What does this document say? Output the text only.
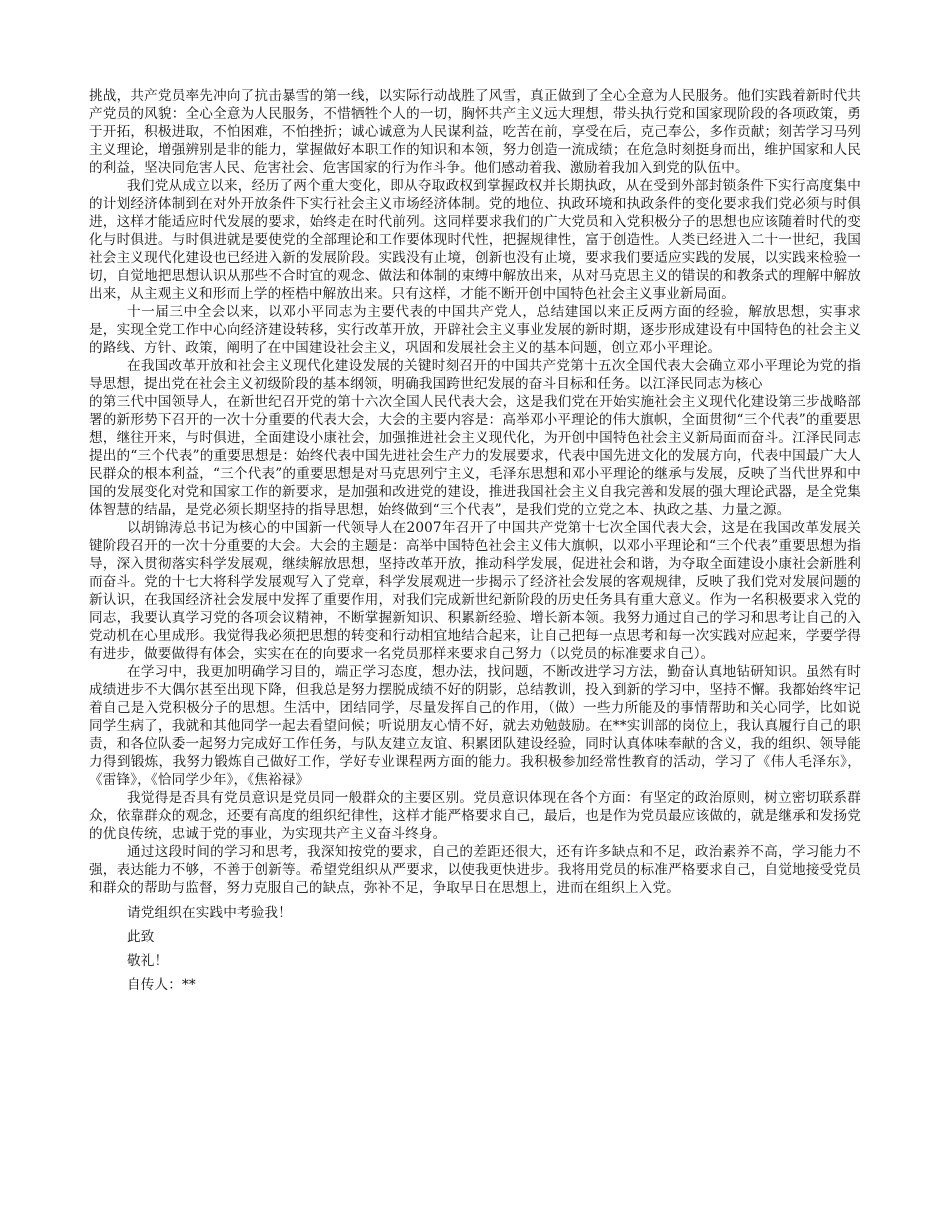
挑战，共产党员率先冲向了抗击暴雪的第一线，以实际行动战胜了风雪，真正做到了全心全意为人民服务。他们实践着新时代共产党员的风貌：全心全意为人民服务，不惜牺牲个人的一切，胸怀共产主义远大理想，带头执行党和国家现阶段的各项政策，勇于开拓，积极进取，不怕困难，不怕挫折；诚心诚意为人民谋利益，吃苦在前，享受在后，克己奉公，多作贡献；刻苦学习马列主义理论，增强辨别是非的能力，掌握做好本职工作的知识和本领，努力创造一流成绩；在危急时刻挺身而出，维护国家和人民的利益，坚决同危害人民、危害社会、危害国家的行为作斗争。他们感动着我、激励着我加入到党的队伍中。

我们党从成立以来，经历了两个重大变化，即从夺取政权到掌握政权并长期执政，从在受到外部封锁条件下实行高度集中的计划经济体制到在对外开放条件下实行社会主义市场经济体制。党的地位、执政环境和执政条件的变化要求我们党必须与时俱进，这样才能适应时代发展的要求，始终走在时代前列。这同样要求我们的广大党员和入党积极分子的思想也应该随着时代的变化与时俱进。与时俱进就是要使党的全部理论和工作要体现时代性，把握规律性，富于创造性。人类已经进入二十一世纪，我国社会主义现代化建设也已经进入新的发展阶段。实践没有止境，创新也没有止境，要求我们要适应实践的发展，以实践来检验一切，自觉地把思想认识从那些不合时宜的观念、做法和体制的束缚中解放出来，从对马克思主义的错误的和教条式的理解中解放出来，从主观主义和形而上学的桎梏中解放出来。只有这样，才能不断开创中国特色社会主义事业新局面。

十一届三中全会以来，以邓小平同志为主要代表的中国共产党人，总结建国以来正反两方面的经验，解放思想，实事求是，实现全党工作中心向经济建设转移，实行改革开放，开辟社会主义事业发展的新时期，逐步形成建设有中国特色的社会主义的路线、方针、政策，阐明了在中国建设社会主义，巩固和发展社会主义的基本问题，创立邓小平理论。

在我国改革开放和社会主义现代化建设发展的关键时刻召开的中国共产党第十五次全国代表大会确立邓小平理论为党的指导思想，提出党在社会主义初级阶段的基本纲领，明确我国跨世纪发展的奋斗目标和任务。以江泽民同志为核心

的第三代中国领导人，在新世纪召开党的第十六次全国人民代表大会，这是我们党在开始实施社会主义现代化建设第三步战略部署的新形势下召开的一次十分重要的代表大会，大会的主要内容是：高举邓小平理论的伟大旗帜，全面贯彻“三个代表”的重要思想，继往开来，与时俱进，全面建设小康社会，加强推进社会主义现代化，为开创中国特色社会主义新局面而奋斗。江泽民同志提出的“三个代表”的重要思想是：始终代表中国先进社会生产力的发展要求，代表中国先进文化的发展方向，代表中国最广大人民群众的根本利益，“三个代表”的重要思想是对马克思列宁主义，毛泽东思想和邓小平理论的继承与发展，反映了当代世界和中国的发展变化对党和国家工作的新要求，是加强和改进党的建设，推进我国社会主义自我完善和发展的强大理论武器，是全党集体智慧的结晶，是党必须长期坚持的指导思想，始终做到“三个代表”，是我们党的立党之本、执政之基、力量之源。

以胡锦涛总书记为核心的中国新一代领导人在2007年召开了中国共产党第十七次全国代表大会，这是在我国改革发展关键阶段召开的一次十分重要的大会。大会的主题是：高举中国特色社会主义伟大旗帜，以邓小平理论和“三个代表”重要思想为指导，深入贯彻落实科学发展观，继续解放思想，坚持改革开放，推动科学发展，促进社会和谐，为夺取全面建设小康社会新胜利而奋斗。党的十七大将科学发展观写入了党章，科学发展观进一步揭示了经济社会发展的客观规律，反映了我们党对发展问题的新认识，在我国经济社会发展中发挥了重要作用，对我们完成新世纪新阶段的历史任务具有重大意义。作为一名积极要求入党的同志，我要认真学习党的各项会议精神，不断掌握新知识、积累新经验、增长新本领。我努力通过自己的学习和思考让自己的入党动机在心里成形。我觉得我必须把思想的转变和行动相宜地结合起来，让自己把每一点思考和每一次实践对应起来，学要学得有进步，做要做得有体会，实实在在的向要求一名党员那样来要求自己努力（以党员的标准要求自己）。

在学习中，我更加明确学习目的，端正学习态度，想办法，找问题，不断改进学习方法，勤奋认真地钻研知识。虽然有时成绩进步不大偶尔甚至出现下降，但我总是努力摆脱成绩不好的阴影，总结教训，投入到新的学习中，坚持不懈。我都始终牢记着自己是入党积极分子的思想。生活中，团结同学，尽量发挥自己的作用，（做）一些力所能及的事情帮助和关心同学，比如说同学生病了，我就和其他同学一起去看望问候；听说朋友心情不好，就去劝勉鼓励。在**实训部的岗位上，我认真履行自己的职责，和各位队委一起努力完成好工作任务，与队友建立友谊、积累团队建设经验，同时认真体味奉献的含义，我的组织、领导能力得到锻炼，我努力锻炼自己做好工作，学好专业课程两方面的能力。我积极参加经常性教育的活动，学习了《伟人毛泽东》，《雷锋》，《恰同学少年》，《焦裕禄》

我觉得是否具有党员意识是党员同一般群众的主要区别。党员意识体现在各个方面：有坚定的政治原则，树立密切联系群众，依靠群众的观念，还要有高度的组织纪律性，这样才能严格要求自己，最后，也是作为党员最应该做的，就是继承和发扬党的优良传统，忠诚于党的事业，为实现共产主义奋斗终身。

通过这段时间的学习和思考，我深知按党的要求，自己的差距还很大，还有许多缺点和不足，政治素养不高，学习能力不强，表达能力不够，不善于创新等。希望党组织从严要求，以使我更快进步。我将用党员的标准严格要求自己，自觉地接受党员和群众的帮助与监督，努力克服自己的缺点，弥补不足，争取早日在思想上，进而在组织上入党。

请党组织在实践中考验我！

此致

敬礼！

自传人：**
